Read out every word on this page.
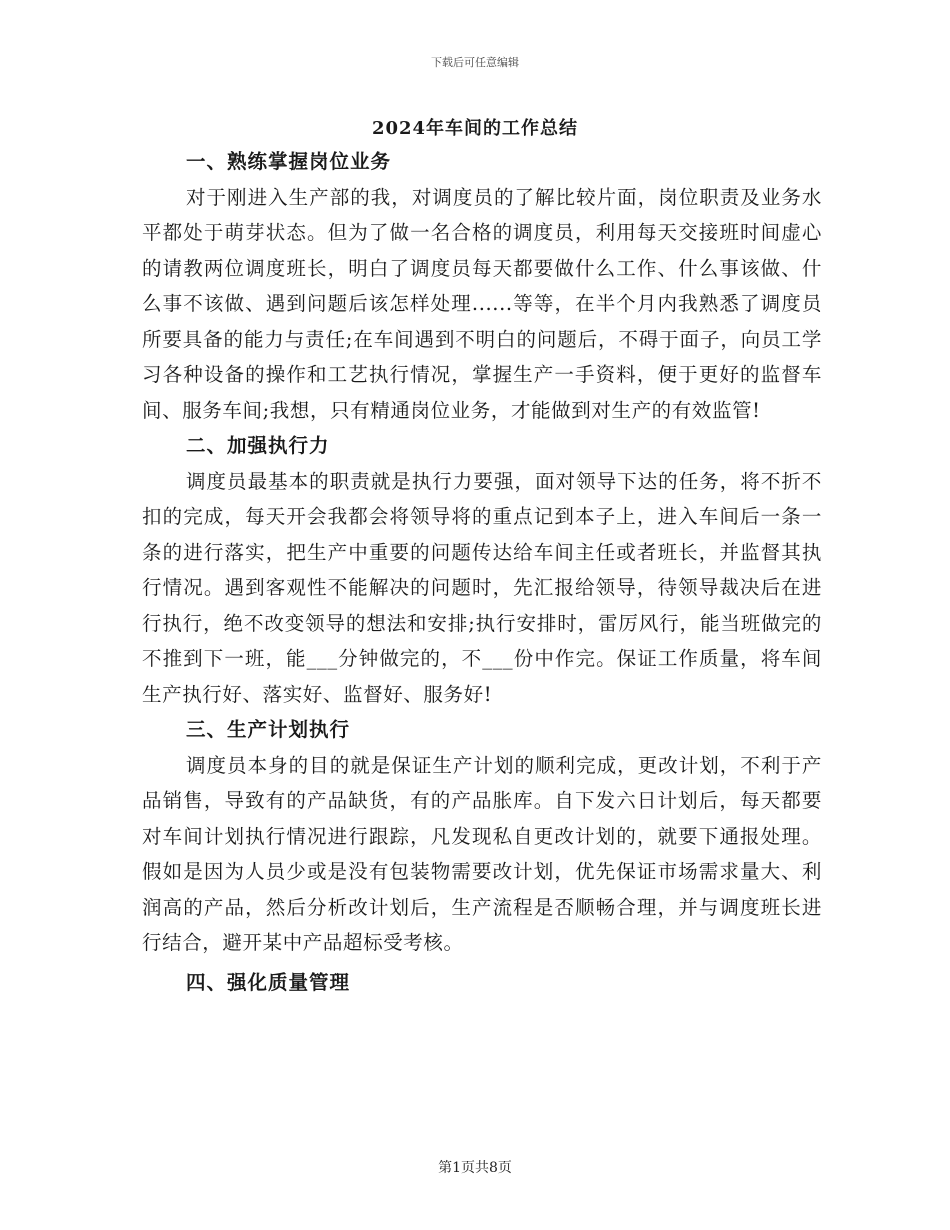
下载后可任意编辑
2024年车间的工作总结

一、熟练掌握岗位业务

对于刚进入生产部的我，对调度员的了解比较片面，岗位职责及业务水平都处于萌芽状态。但为了做一名合格的调度员，利用每天交接班时间虚心的请教两位调度班长，明白了调度员每天都要做什么工作、什么事该做、什么事不该做、遇到问题后该怎样处理......等等，在半个月内我熟悉了调度员所要具备的能力与责任;在车间遇到不明白的问题后，不碍于面子，向员工学习各种设备的操作和工艺执行情况，掌握生产一手资料，便于更好的监督车间、服务车间;我想，只有精通岗位业务，才能做到对生产的有效监管!

二、加强执行力

调度员最基本的职责就是执行力要强，面对领导下达的任务，将不折不扣的完成，每天开会我都会将领导将的重点记到本子上，进入车间后一条一条的进行落实，把生产中重要的问题传达给车间主任或者班长，并监督其执行情况。遇到客观性不能解决的问题时，先汇报给领导，待领导裁决后在进行执行，绝不改变领导的想法和安排;执行安排时，雷厉风行，能当班做完的不推到下一班，能___分钟做完的，不___份中作完。保证工作质量，将车间生产执行好、落实好、监督好、服务好!

三、生产计划执行

调度员本身的目的就是保证生产计划的顺利完成，更改计划，不利于产品销售，导致有的产品缺货，有的产品胀库。自下发六日计划后，每天都要对车间计划执行情况进行跟踪，凡发现私自更改计划的，就要下通报处理。假如是因为人员少或是没有包装物需要改计划，优先保证市场需求量大、利润高的产品，然后分析改计划后，生产流程是否顺畅合理，并与调度班长进行结合，避开某中产品超标受考核。

四、强化质量管理

第1页共8页
